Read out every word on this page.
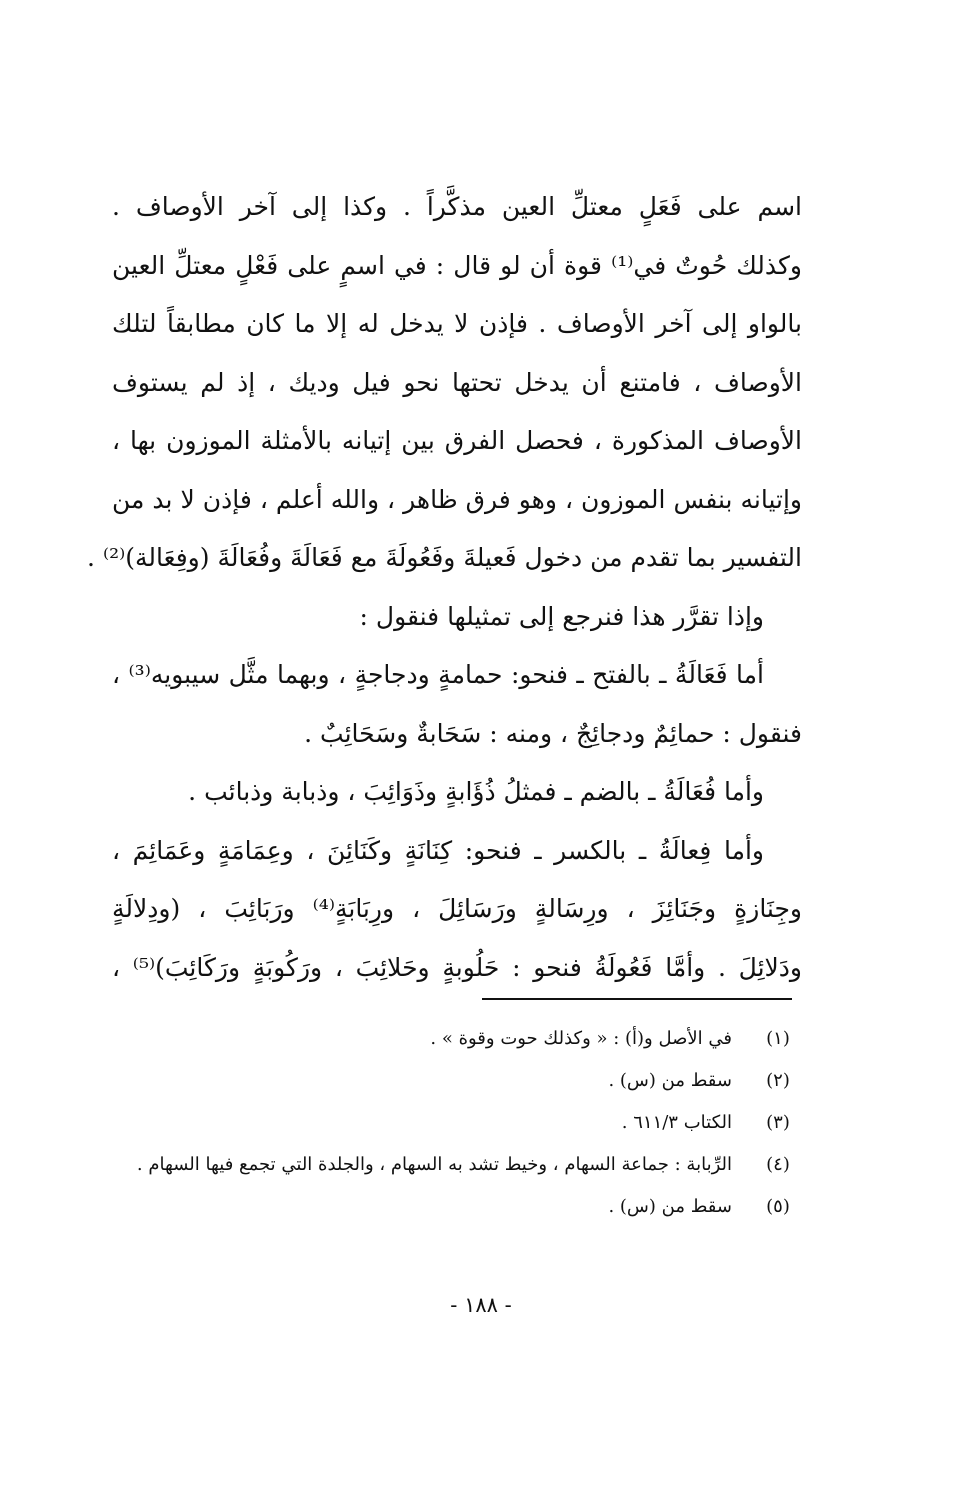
اسم على فَعَلٍ معتلِّ العين مذكَّراً . وكذا إلى آخر الأوصاف .
وكذلك حُوتٌ في⁽¹⁾ قوة أن لو قال : في اسمٍ على فَعْلٍ معتلِّ العين
بالواو إلى آخر الأوصاف . فإذن لا يدخل له إلا ما كان مطابقاً لتلك
الأوصاف ، فامتنع أن يدخل تحتها نحو فيل وديك ، إذ لم يستوف
الأوصاف المذكورة ، فحصل الفرق بين إتيانه بالأمثلة الموزون بها ،
وإتيانه بنفس الموزون ، وهو فرق ظاهر ، والله أعلم ، فإذن لا بد من
التفسير بما تقدم من دخول فَعيلةَ وفَعُولَةَ مع فَعَالَةَ وفُعَالَةَ (وفِعَالة)⁽²⁾ .
وإذا تقرَّر هذا فنرجع إلى تمثيلها فنقول :
أما فَعَالَةُ ـ بالفتح ـ فنحو: حمامةٍ ودجاجةٍ ، وبهما مثَّل سيبويه⁽³⁾ ،
فنقول : حمائِمٌ ودجائِجٌ ، ومنه : سَحَابةٌ وسَحَائِبٌ .
وأما فُعَالَةُ ـ بالضم ـ فمثلُ ذُؤَابةٍ وذَوَائِبَ ، وذبابة وذبائب .
وأما فِعالَةُ ـ بالكسر ـ فنحو: كِنَانَةٍ وكَنَائِنَ ، وعِمَامَةٍ وعَمَائِمَ ،
وجِنَازةٍ وجَنَائِزَ ، ورِسَالةٍ ورَسَائِلَ ، ورِبَابَةٍ⁽⁴⁾ ورَبَائِبَ ، (ودِلالَةٍ
ودَلائِلَ . وأمَّا فَعُولَةُ فنحو : حَلُوبةٍ وحَلائِبَ ، ورَكُوبَةٍ ورَكَائِبَ)⁽⁵⁾ ،
(١)
في الأصل و(أ) : « وكذلك حوت وقوة » .
(٢)
سقط من (س) .
(٣)
الكتاب ٦١١/٣ .
(٤)
الرِّبابة : جماعة السهام ، وخيط تشد به السهام ، والجلدة التي تجمع فيها السهام .
(٥)
سقط من (س) .
- ١٨٨ -
